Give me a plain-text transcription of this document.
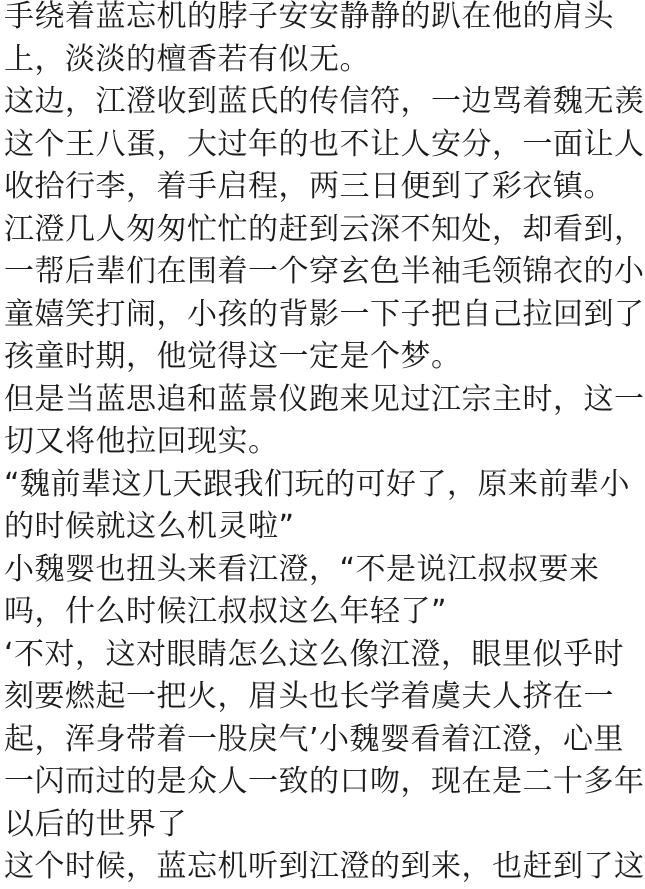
手绕着蓝忘机的脖子安安静静的趴在他的肩头
上，淡淡的檀香若有似无。
这边，江澄收到蓝氏的传信符，一边骂着魏无羡
这个王八蛋，大过年的也不让人安分，一面让人
收拾行李，着手启程，两三日便到了彩衣镇。
江澄几人匆匆忙忙的赶到云深不知处，却看到，
一帮后辈们在围着一个穿玄色半袖毛领锦衣的小
童嬉笑打闹，小孩的背影一下子把自己拉回到了
孩童时期，他觉得这一定是个梦。
但是当蓝思追和蓝景仪跑来见过江宗主时，这一
切又将他拉回现实。
“魏前辈这几天跟我们玩的可好了，原来前辈小
的时候就这么机灵啦”
小魏婴也扭头来看江澄，“不是说江叔叔要来
吗，什么时候江叔叔这么年轻了”
‘不对，这对眼睛怎么这么像江澄，眼里似乎时
刻要燃起一把火，眉头也长学着虞夫人挤在一
起，浑身带着一股戾气’小魏婴看着江澄，心里
一闪而过的是众人一致的口吻，现在是二十多年
以后的世界了
这个时候，蓝忘机听到江澄的到来，也赶到了这
